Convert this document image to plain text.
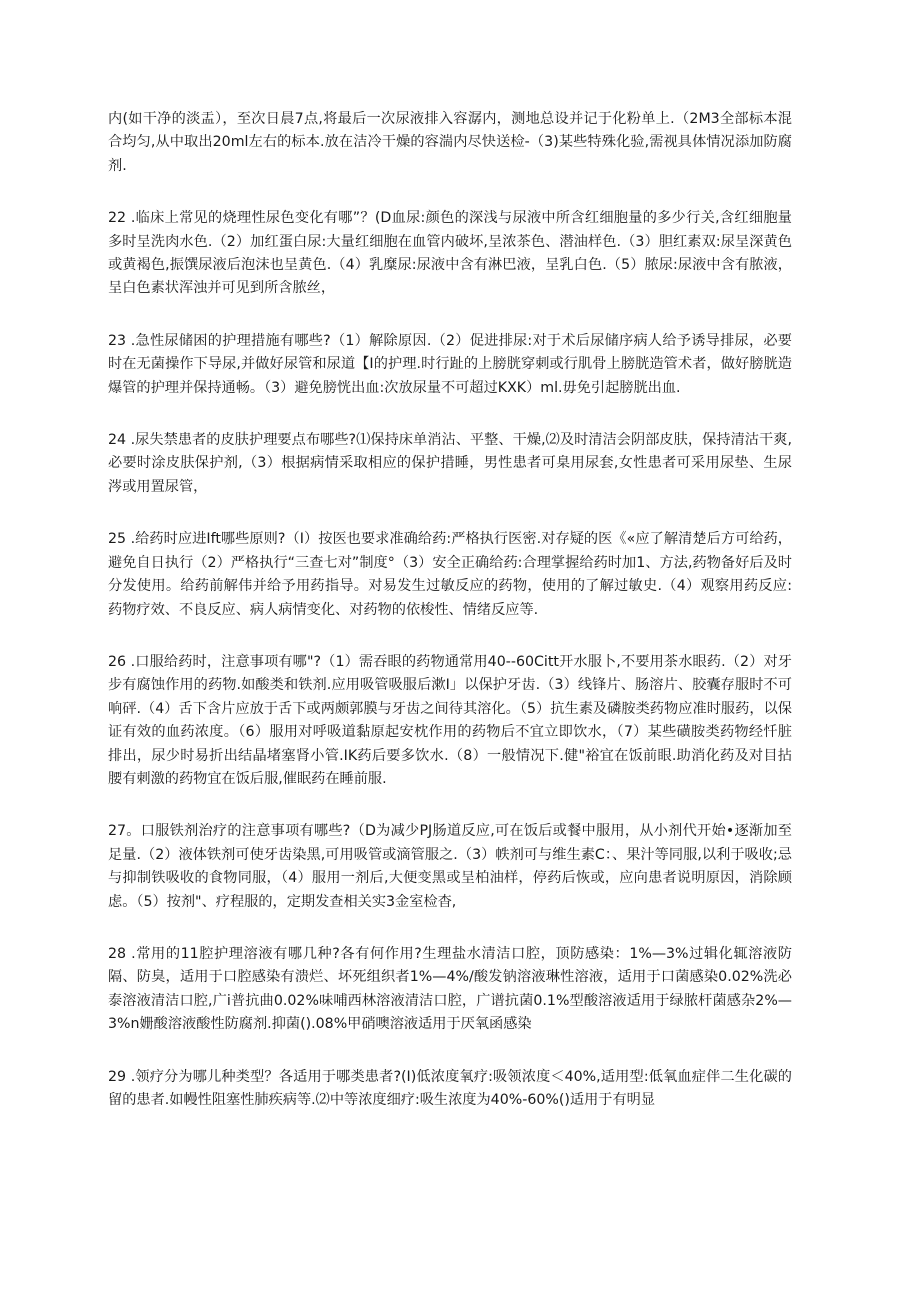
内(如干净的淡盂），至次日晨7点,将最后一次尿液排入容潺内，测地总设并记于化粉单上.（2M3全部标本混合均匀,从中取出20ml左右的标本.放在洁冷干燥的容湍内尽快送检-（3)某些特殊化验,需视具体情况添加防腐剂.

22 .临床上常见的烧理性尿色变化有哪”？(D血尿:颜色的深浅与尿液中所含红细胞量的多少行关,含红细胞量多时呈洗肉水色.（2）加红蛋白尿:大量红细胞在血管内破坏,呈浓茶色、潜油样色.（3）胆红素双:尿呈深黄色或黄褐色,振馔尿液后泡沫也呈黄色.（4）乳糜尿:尿液中含有淋巴液，呈乳白色.（5）脓尿:尿液中含有脓液，呈白色素状浑浊并可见到所含脓丝，

23 .急性尿储困的护理措施有哪些?（1）解除原因.（2）促进排尿:对于术后尿储序病人给予诱导排尿，必要时在无菌操作下导尿,并做好尿管和尿道【I的护理.时行趾的上膀胱穿刺或行肌骨上膀胱造管术者，做好膀胱造爆管的护理并保持通畅。（3）避免膀恍出血:次放尿量不可超过KXK）ml.毋免引起膀胱出血.

24 .尿失禁患者的皮肤护理要点布哪些?⑴保持床单消沾、平整、干燥,⑵及时清洁会阴部皮肤，保持清沽干爽,必要时涂皮肤保护剂,（3）根据病情采取相应的保护措睡，男性患者可臬用尿套,女性患者可采用尿垫、生尿涔或用置尿管，

25 .给药时应进Ift哪些原则?（I）按医也要求准确给药:严格执行医密.对存疑的医《«应了解清楚后方可给药，避免自日执行（2）严格执行“三查七对”制度°（3）安全正确给药:合理掌握给药时加1、方法,药物备好后及时分发使用。给药前解伟并给予用药指导。对易发生过敏反应的药物，使用的了解过敏史.（4）观察用药反应:药物疗效、不良反应、病人病情变化、对药物的依梭性、情绪反应等.

26 .口服给药时，注意事项有哪"?（1）需吞眼的药物通常用40--60Citt开水服卜,不要用茶水眼药.（2）对牙步有腐蚀作用的药物.如酸类和铁剂.应用吸管吸服后漱I」以保护牙齿.（3）线锋片、肠溶片、胶囊存服时不可响砰.（4）舌下含片应放于舌下或两颇郭膜与牙齿之间待其溶化。（5）抗生素及磷胺类药物应准时服药，以保证有效的血药浓度。（6）服用对呼吸道黏原起安枕作用的药物后不宜立即饮水，（7）某些磺胺类药物经忏脏排出，尿少时易折出结晶堵塞肾小管.IK药后要多饮水.（8）一般情况下.健"裕宜在饭前眼.助消化药及对目拈腰有刺激的药物宜在饭后服,催眠药在睡前服.

27。口服铁剂治疗的注意事项有哪些?（D为减少PJ肠道反应,可在饭后或餐中服用，从小剂代开始•逐渐加至足量.（2）液体铁剂可使牙齿染黑,可用吸管或滴管服之.（3）帙剂可与维生素C：、果汁等同服,以利于吸收;忌与抑制铁吸收的食物同服，（4）服用一剂后,大便变黑或呈柏油样，停药后恢或，应向患者说明原因，消除顾虑。（5）按剂"、疗程服的，定期发查相关实3金室检杳,

28 .常用的11腔护理溶液有哪几种?各有何作用?生理盐水清洁口腔，顶防感染：1%—3%过辑化辄溶液防隔、防臭，适用于口腔感染有溃烂、坏死组织者1%—4%/酸发钠溶液琳性溶液，适用于口菌感染0.02%洗必泰溶液清洁口腔,广i普抗曲0.02%味哺西林溶液清洁口腔，广谱抗菌0.1%型酸溶液适用于绿脓杆菌感杂2%—3%n姗酸溶液酸性防腐剂.抑菌().08%甲硝噢溶液适用于厌氧函感染

29 .领疗分为哪儿种类型？各适用于哪类患者?(I)低浓度氧疗:吸领浓度＜40%,适用型:低氧血症伴二生化碳的留的患者.如幔性阻塞性肺疾病等.⑵中等浓度细疗:吸生浓度为40%-60%()适用于有明显
